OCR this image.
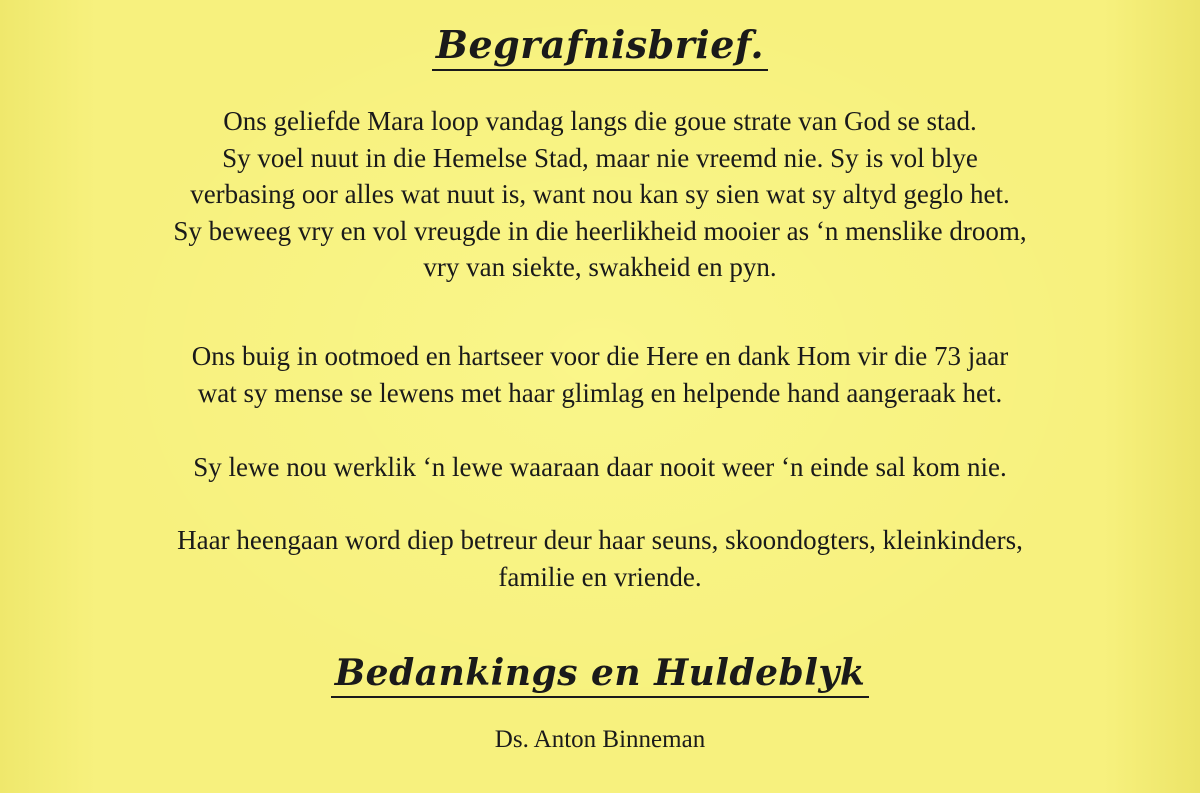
Begrafnisbrief.

Ons geliefde Mara loop vandag langs die goue strate van God se stad.
Sy voel nuut in die Hemelse Stad, maar nie vreemd nie. Sy is vol blye
verbasing oor alles wat nuut is, want nou kan sy sien wat sy altyd geglo het.
Sy beweeg vry en vol vreugde in die heerlikheid mooier as ‘n menslike droom,
vry van siekte, swakheid en pyn.

Ons buig in ootmoed en hartseer voor die Here en dank Hom vir die 73 jaar
wat sy mense se lewens met haar glimlag en helpende hand aangeraak het.

Sy lewe nou werklik ‘n lewe waaraan daar nooit weer ‘n einde sal kom nie.

Haar heengaan word diep betreur deur haar seuns, skoondogters, kleinkinders,
familie en vriende.

Bedankings en Huldeblyk
Ds. Anton Binneman
